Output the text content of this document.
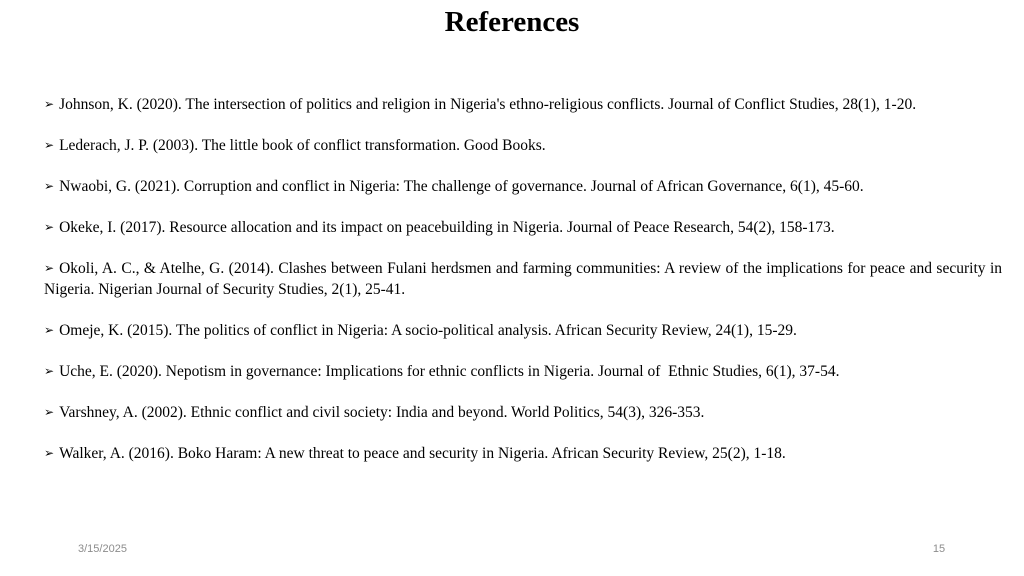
References
➢ Johnson, K. (2020). The intersection of politics and religion in Nigeria's ethno-religious conflicts. Journal of Conflict Studies, 28(1), 1-20.
➢ Lederach, J. P. (2003). The little book of conflict transformation. Good Books.
➢ Nwaobi, G. (2021). Corruption and conflict in Nigeria: The challenge of governance. Journal of African Governance, 6(1), 45-60.
➢ Okeke, I. (2017). Resource allocation and its impact on peacebuilding in Nigeria. Journal of Peace Research, 54(2), 158-173.
➢ Okoli, A. C., & Atelhe, G. (2014). Clashes between Fulani herdsmen and farming communities: A review of the implications for peace and security in Nigeria. Nigerian Journal of Security Studies, 2(1), 25-41.
➢ Omeje, K. (2015). The politics of conflict in Nigeria: A socio-political analysis. African Security Review, 24(1), 15-29.
➢ Uche, E. (2020). Nepotism in governance: Implications for ethnic conflicts in Nigeria. Journal of  Ethnic Studies, 6(1), 37-54.
➢ Varshney, A. (2002). Ethnic conflict and civil society: India and beyond. World Politics, 54(3), 326-353.
➢ Walker, A. (2016). Boko Haram: A new threat to peace and security in Nigeria. African Security Review, 25(2), 1-18.
3/15/2025	15
